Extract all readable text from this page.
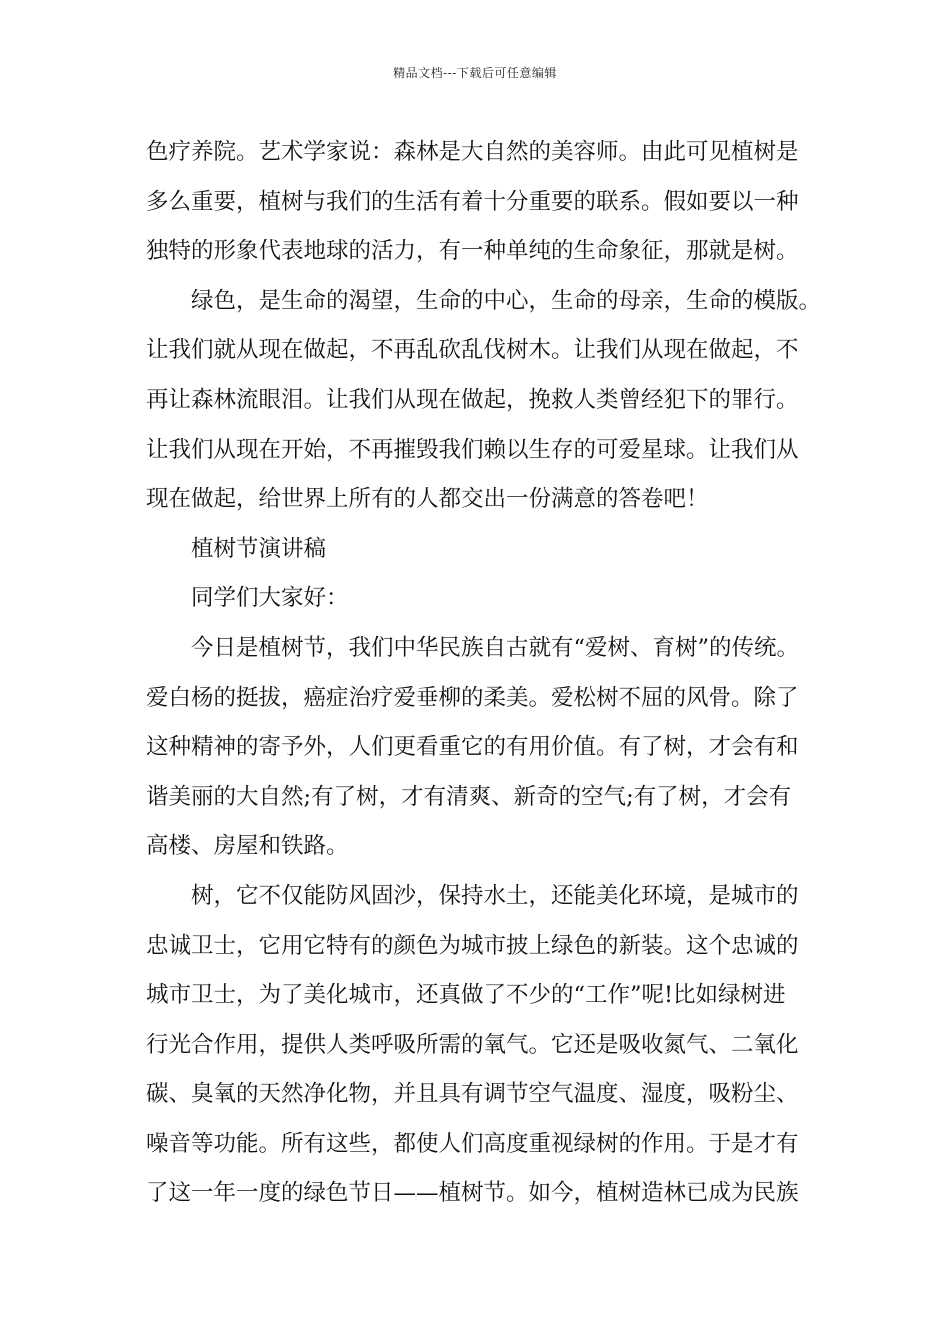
精品文档---下载后可任意编辑
色疗养院。艺术学家说：森林是大自然的美容师。由此可见植树是
多么重要，植树与我们的生活有着十分重要的联系。假如要以一种
独特的形象代表地球的活力，有一种单纯的生命象征，那就是树。
绿色，是生命的渴望，生命的中心，生命的母亲，生命的模版。
让我们就从现在做起，不再乱砍乱伐树木。让我们从现在做起，不
再让森林流眼泪。让我们从现在做起，挽救人类曾经犯下的罪行。
让我们从现在开始，不再摧毁我们赖以生存的可爱星球。让我们从
现在做起，给世界上所有的人都交出一份满意的答卷吧！
植树节演讲稿
同学们大家好：
今日是植树节，我们中华民族自古就有“爱树、育树”的传统。
爱白杨的挺拔，癌症治疗爱垂柳的柔美。爱松树不屈的风骨。除了
这种精神的寄予外，人们更看重它的有用价值。有了树，才会有和
谐美丽的大自然;有了树，才有清爽、新奇的空气;有了树，才会有
高楼、房屋和铁路。
树，它不仅能防风固沙，保持水土，还能美化环境，是城市的
忠诚卫士，它用它特有的颜色为城市披上绿色的新装。这个忠诚的
城市卫士，为了美化城市，还真做了不少的“工作”呢!比如绿树进
行光合作用，提供人类呼吸所需的氧气。它还是吸收氮气、二氧化
碳、臭氧的天然净化物，并且具有调节空气温度、湿度，吸粉尘、
噪音等功能。所有这些，都使人们高度重视绿树的作用。于是才有
了这一年一度的绿色节日——植树节。如今，植树造林已成为民族
